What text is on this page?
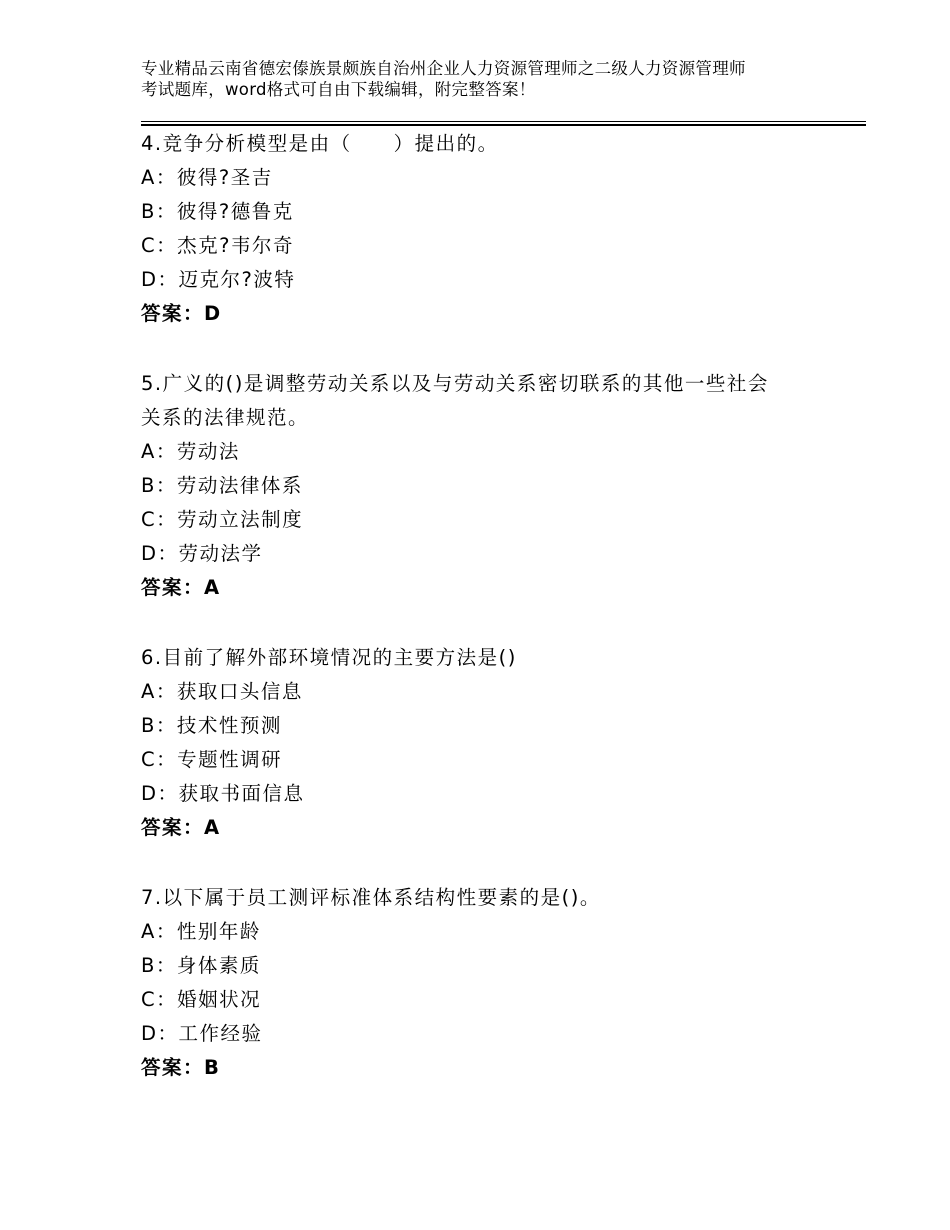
专业精品云南省德宏傣族景颇族自治州企业人力资源管理师之二级人力资源管理师
考试题库，word格式可自由下载编辑，附完整答案！
4.竞争分析模型是由（　　）提出的。
A：彼得?圣吉
B：彼得?德鲁克
C：杰克?韦尔奇
D：迈克尔?波特
答案：D
5.广义的()是调整劳动关系以及与劳动关系密切联系的其他一些社会
关系的法律规范。
A：劳动法
B：劳动法律体系
C：劳动立法制度
D：劳动法学
答案：A
6.目前了解外部环境情况的主要方法是()
A：获取口头信息
B：技术性预测
C：专题性调研
D：获取书面信息
答案：A
7.以下属于员工测评标准体系结构性要素的是()。
A：性别年龄
B：身体素质
C：婚姻状况
D：工作经验
答案：B
